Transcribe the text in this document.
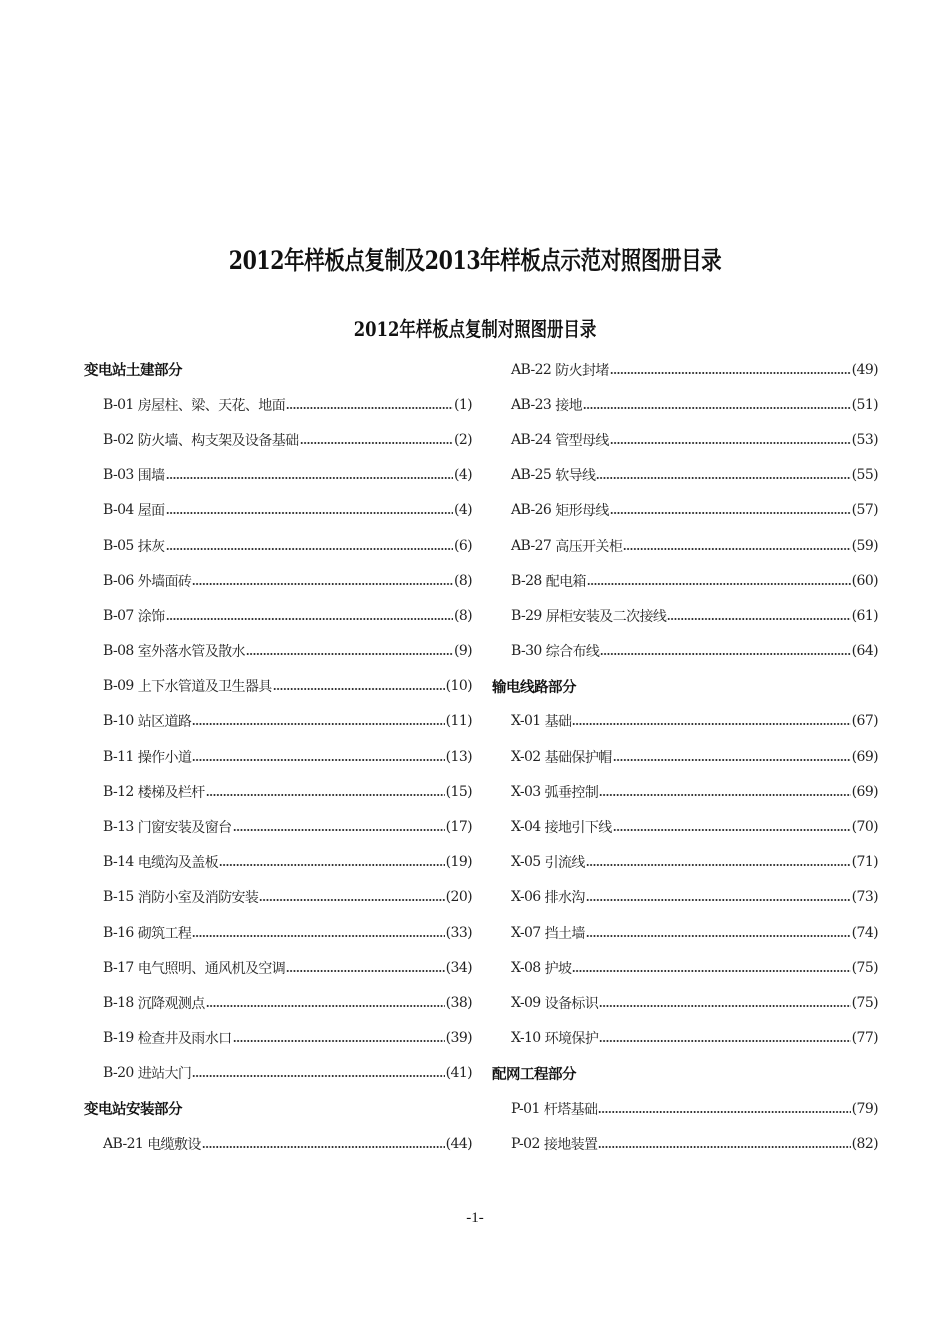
2012年样板点复制及2013年样板点示范对照图册目录
2012年样板点复制对照图册目录
变电站土建部分
B-01 房屋柱、梁、天花、地面	(1)
B-02 防火墙、构支架及设备基础	(2)
B-03 围墙	(4)
B-04 屋面	(4)
B-05 抹灰	(6)
B-06 外墙面砖	(8)
B-07 涂饰	(8)
B-08 室外落水管及散水	(9)
B-09 上下水管道及卫生器具	(10)
B-10 站区道路	(11)
B-11 操作小道	(13)
B-12 楼梯及栏杆	(15)
B-13 门窗安装及窗台	(17)
B-14 电缆沟及盖板	(19)
B-15 消防小室及消防安装	(20)
B-16 砌筑工程	(33)
B-17 电气照明、通风机及空调	(34)
B-18 沉降观测点	(38)
B-19 检查井及雨水口	(39)
B-20 进站大门	(41)
变电站安装部分
AB-21 电缆敷设	(44)
AB-22 防火封堵	(49)
AB-23 接地	(51)
AB-24 管型母线	(53)
AB-25 软导线	(55)
AB-26 矩形母线	(57)
AB-27 高压开关柜	(59)
B-28 配电箱	(60)
B-29 屏柜安装及二次接线	(61)
B-30 综合布线	(64)
输电线路部分
X-01 基础	(67)
X-02 基础保护帽	(69)
X-03 弧垂控制	(69)
X-04 接地引下线	(70)
X-05 引流线	(71)
X-06 排水沟	(73)
X-07 挡土墙	(74)
X-08 护坡	(75)
X-09 设备标识	(75)
X-10 环境保护	(77)
配网工程部分
P-01 杆塔基础	(79)
P-02 接地装置	(82)
-1-
